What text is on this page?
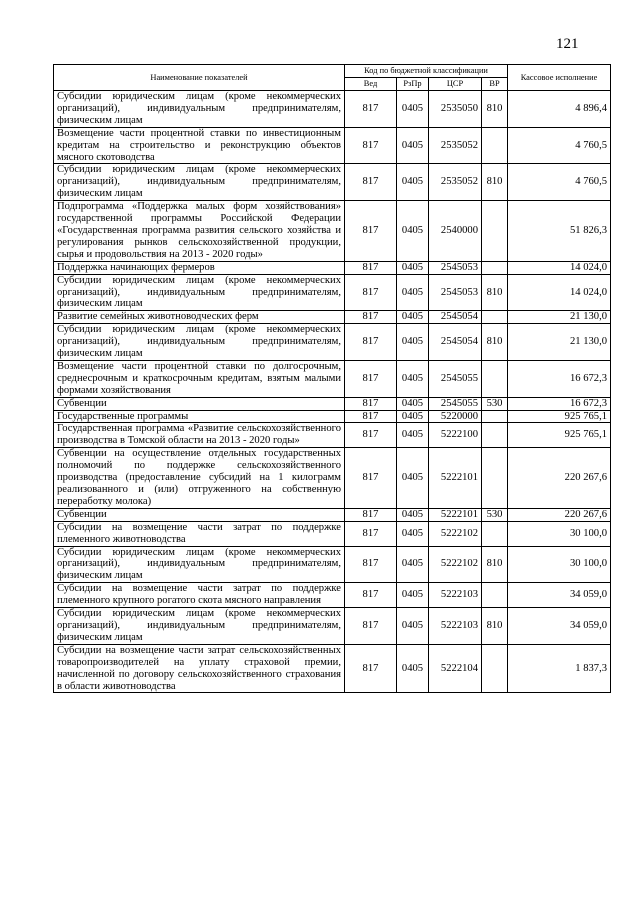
121
Наименование показателей	Код по бюджетной классификации				Кассовое исполнение
	Вед	РзПр	ЦСР	ВР	
Субсидии юридическим лицам (кроме некоммерческих организаций), индивидуальным предпринимателям, физическим лицам	817	0405	2535050	810	4 896,4
Возмещение части процентной ставки по инвестиционным кредитам на строительство и реконструкцию объектов мясного скотоводства	817	0405	2535052		4 760,5
Субсидии юридическим лицам (кроме некоммерческих организаций), индивидуальным предпринимателям, физическим лицам	817	0405	2535052	810	4 760,5
Подпрограмма «Поддержка малых форм хозяйствования» государственной программы Российской Федерации «Государственная программа развития сельского хозяйства и регулирования рынков сельскохозяйственной продукции, сырья и продовольствия на 2013 - 2020 годы»	817	0405	2540000		51 826,3
Поддержка начинающих фермеров	817	0405	2545053		14 024,0
Субсидии юридическим лицам (кроме некоммерческих организаций), индивидуальным предпринимателям, физическим лицам	817	0405	2545053	810	14 024,0
Развитие семейных животноводческих ферм	817	0405	2545054		21 130,0
Субсидии юридическим лицам (кроме некоммерческих организаций), индивидуальным предпринимателям, физическим лицам	817	0405	2545054	810	21 130,0
Возмещение части процентной ставки по долгосрочным, среднесрочным и краткосрочным кредитам, взятым малыми формами хозяйствования	817	0405	2545055		16 672,3
Субвенции	817	0405	2545055	530	16 672,3
Государственные программы	817	0405	5220000		925 765,1
Государственная программа «Развитие сельскохозяйственного производства в Томской области на 2013 - 2020 годы»	817	0405	5222100		925 765,1
Субвенции на осуществление отдельных государственных полномочий по поддержке сельскохозяйственного производства (предоставление субсидий на 1 килограмм реализованного и (или) отгруженного на собственную переработку молока)	817	0405	5222101		220 267,6
Субвенции	817	0405	5222101	530	220 267,6
Субсидии на возмещение части затрат по поддержке племенного животноводства	817	0405	5222102		30 100,0
Субсидии юридическим лицам (кроме некоммерческих организаций), индивидуальным предпринимателям, физическим лицам	817	0405	5222102	810	30 100,0
Субсидии на возмещение части затрат по поддержке племенного крупного рогатого скота мясного направления	817	0405	5222103		34 059,0
Субсидии юридическим лицам (кроме некоммерческих организаций), индивидуальным предпринимателям, физическим лицам	817	0405	5222103	810	34 059,0
Субсидии на возмещение части затрат сельскохозяйственных товаропроизводителей на уплату страховой премии, начисленной по договору сельскохозяйственного страхования в области животноводства	817	0405	5222104		1 837,3
